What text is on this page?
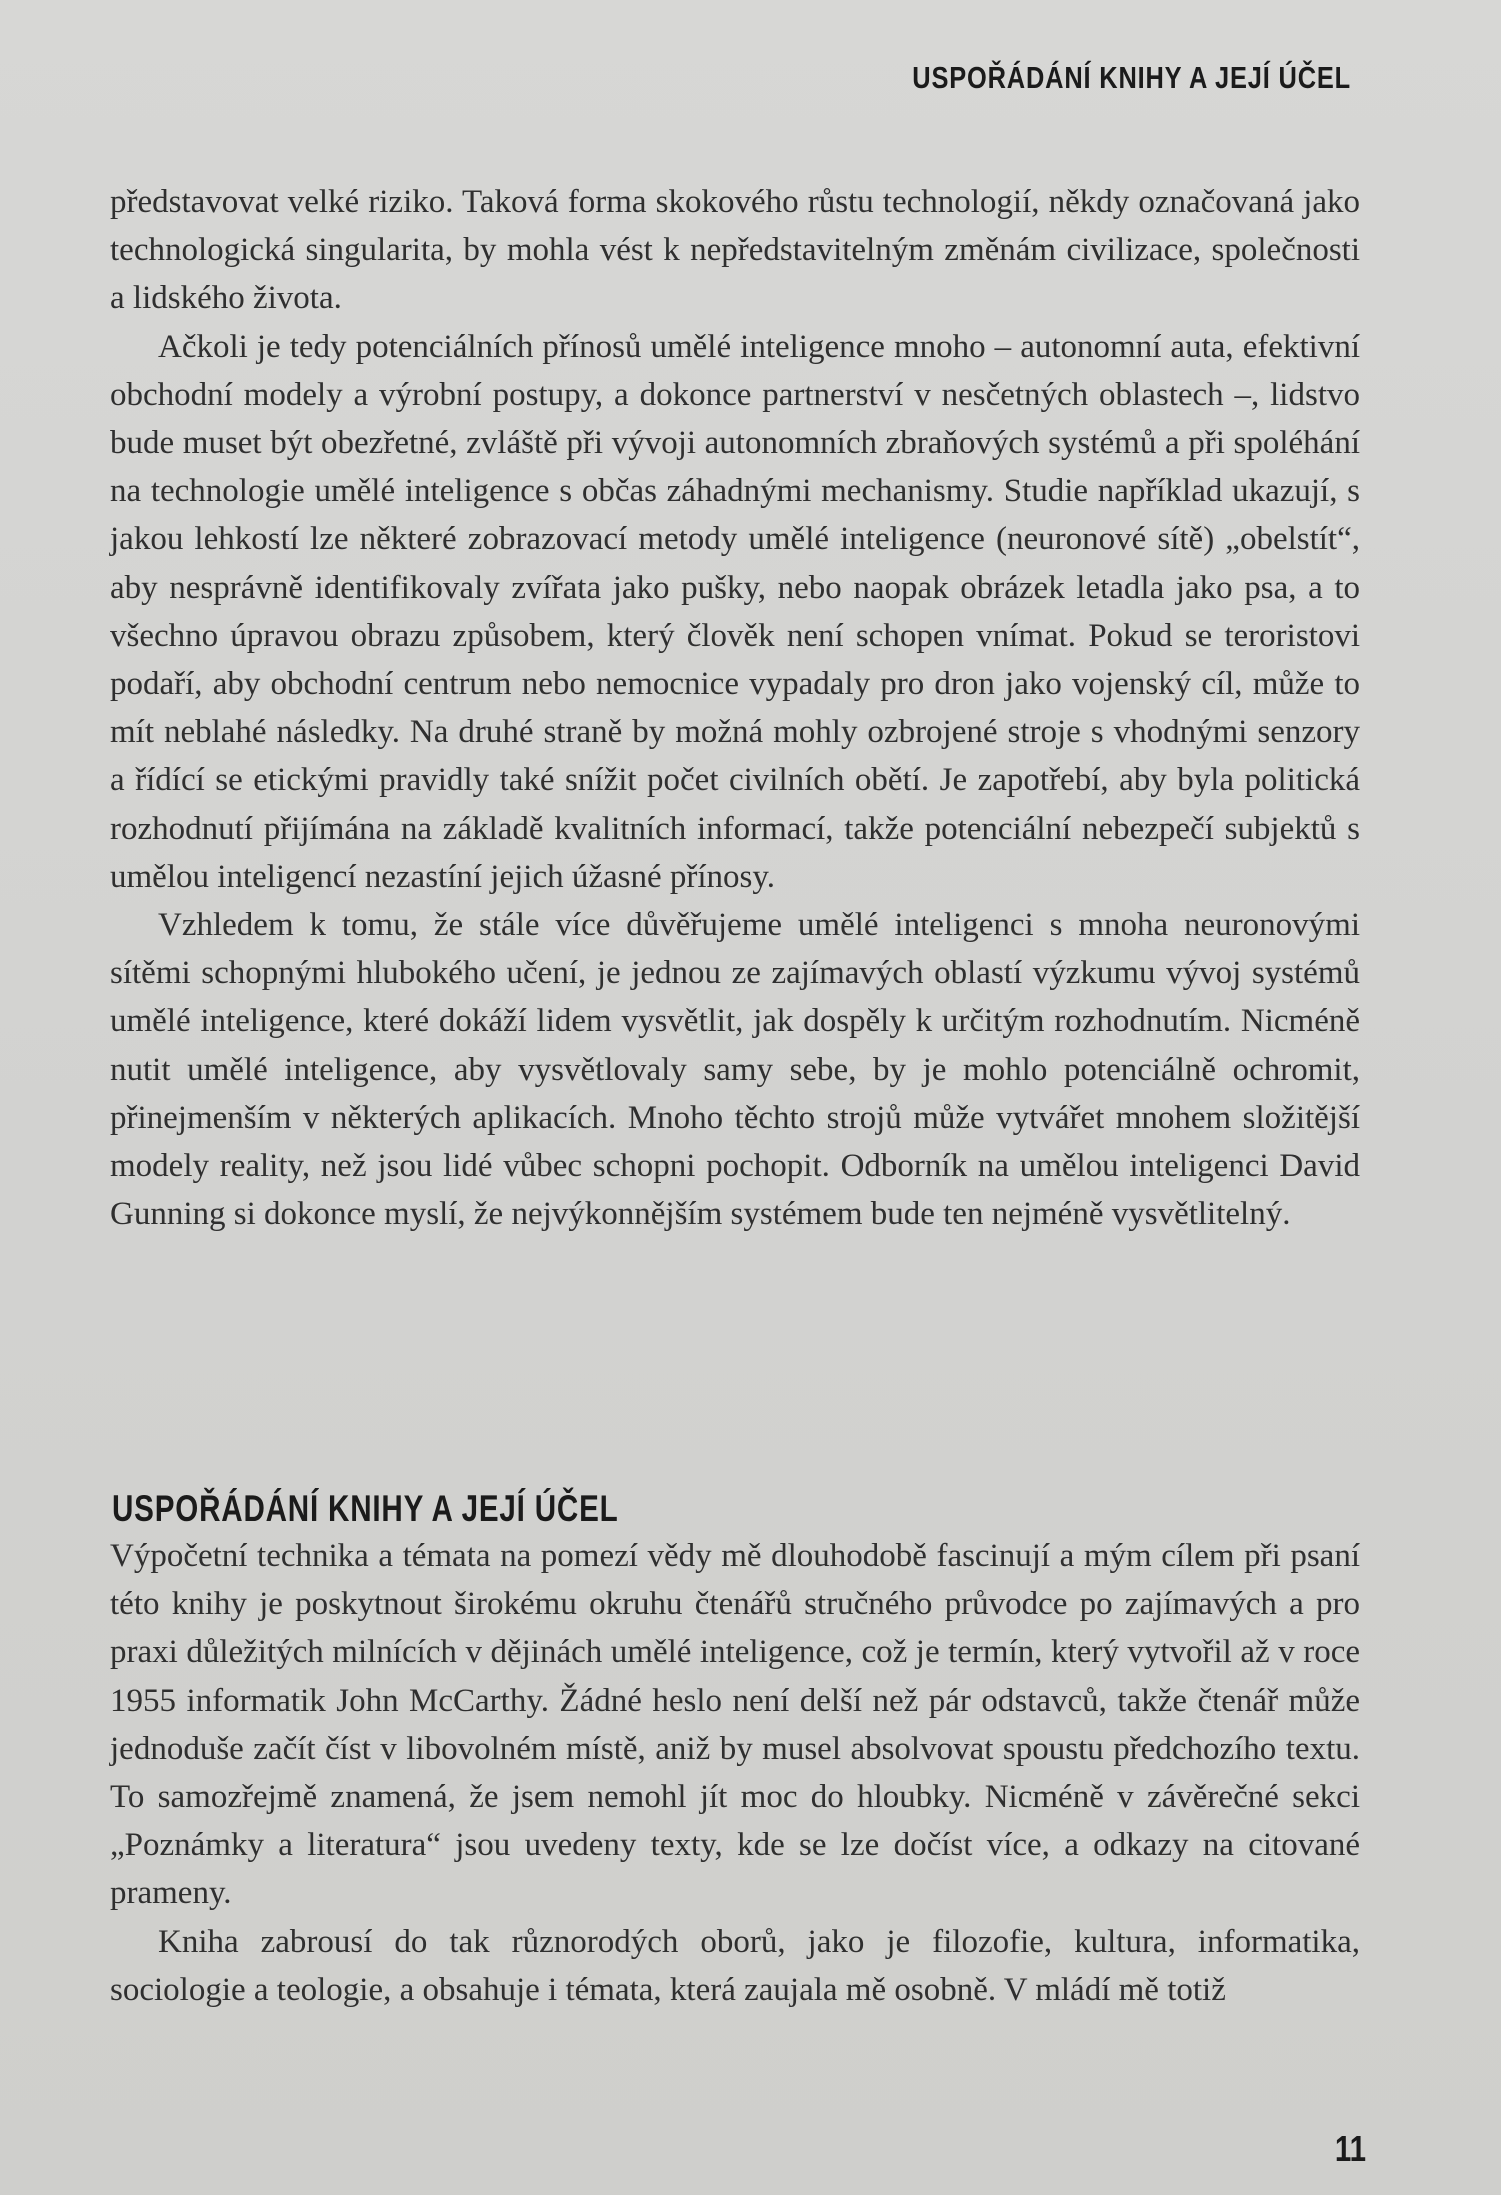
USPOŘÁDÁNÍ KNIHY A JEJÍ ÚČEL

představovat velké riziko. Taková forma skokového růstu technologií, někdy označovaná jako technologická singularita, by mohla vést k nepředstavitelným změnám civilizace, společnosti a lidského života.

Ačkoli je tedy potenciálních přínosů umělé inteligence mnoho – autonomní auta, efektivní obchodní modely a výrobní postupy, a dokonce partnerství v nesčetných oblastech –, lidstvo bude muset být obezřetné, zvláště při vývoji autonomních zbraňových systémů a při spoléhání na technologie umělé inteligence s občas záhadnými mechanismy. Studie například ukazují, s jakou lehkostí lze některé zobrazovací metody umělé inteligence (neuronové sítě) „obelstít“, aby nesprávně identifikovaly zvířata jako pušky, nebo naopak obrázek letadla jako psa, a to všechno úpravou obrazu způsobem, který člověk není schopen vnímat. Pokud se teroristovi podaří, aby obchodní centrum nebo nemocnice vypadaly pro dron jako vojenský cíl, může to mít neblahé následky. Na druhé straně by možná mohly ozbrojené stroje s vhodnými senzory a řídící se etickými pravidly také snížit počet civilních obětí. Je zapotřebí, aby byla politická rozhodnutí přijímána na základě kvalitních informací, takže potenciální nebezpečí subjektů s umělou inteligencí nezastíní jejich úžasné přínosy.

Vzhledem k tomu, že stále více důvěřujeme umělé inteligenci s mnoha neuronovými sítěmi schopnými hlubokého učení, je jednou ze zajímavých oblastí výzkumu vývoj systémů umělé inteligence, které dokáží lidem vysvětlit, jak dospěly k určitým rozhodnutím. Nicméně nutit umělé inteligence, aby vysvětlovaly samy sebe, by je mohlo potenciálně ochromit, přinejmenším v některých aplikacích. Mnoho těchto strojů může vytvářet mnohem složitější modely reality, než jsou lidé vůbec schopni pochopit. Odborník na umělou inteligenci David Gunning si dokonce myslí, že nejvýkonnějším systémem bude ten nejméně vysvětlitelný.

USPOŘÁDÁNÍ KNIHY A JEJÍ ÚČEL

Výpočetní technika a témata na pomezí vědy mě dlouhodobě fascinují a mým cílem při psaní této knihy je poskytnout širokému okruhu čtenářů stručného průvodce po zajímavých a pro praxi důležitých milnících v dějinách umělé inteligence, což je termín, který vytvořil až v roce 1955 informatik John McCarthy. Žádné heslo není delší než pár odstavců, takže čtenář může jednoduše začít číst v libovolném místě, aniž by musel absolvovat spoustu předchozího textu. To samozřejmě znamená, že jsem nemohl jít moc do hloubky. Nicméně v závěrečné sekci „Poznámky a literatura“ jsou uvedeny texty, kde se lze dočíst více, a odkazy na citované prameny.

Kniha zabrousí do tak různorodých oborů, jako je filozofie, kultura, informatika, sociologie a teologie, a obsahuje i témata, která zaujala mě osobně. V mládí mě totiž

11
